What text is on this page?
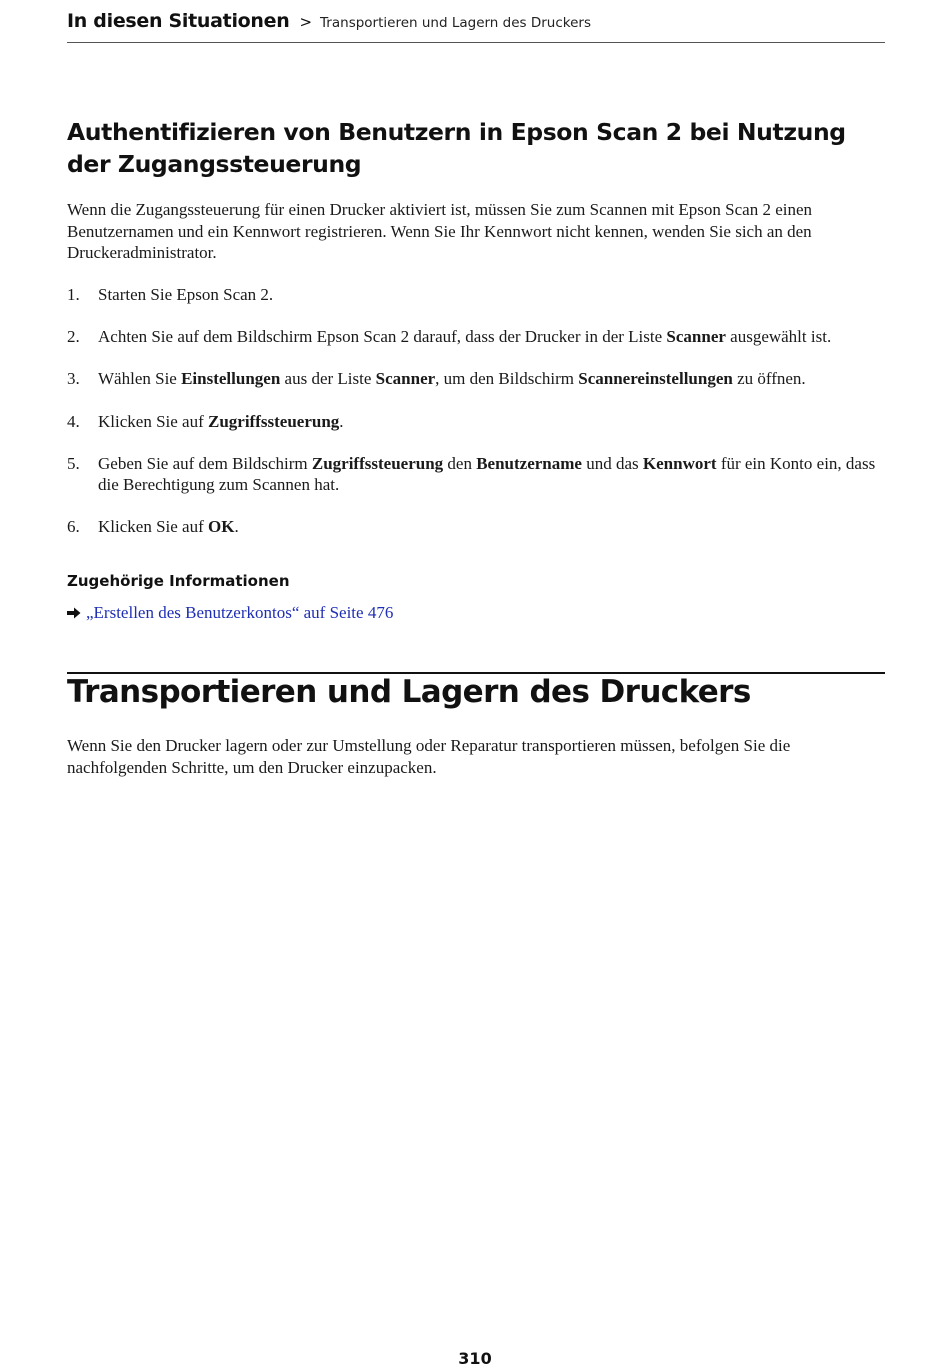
In diesen Situationen > Transportieren und Lagern des Druckers
Authentifizieren von Benutzern in Epson Scan 2 bei Nutzung der Zugangssteuerung

Wenn die Zugangssteuerung für einen Drucker aktiviert ist, müssen Sie zum Scannen mit Epson Scan 2 einen Benutzernamen und ein Kennwort registrieren. Wenn Sie Ihr Kennwort nicht kennen, wenden Sie sich an den Druckeradministrator.

1.	Starten Sie Epson Scan 2.
2.	Achten Sie auf dem Bildschirm Epson Scan 2 darauf, dass der Drucker in der Liste Scanner ausgewählt ist.
3.	Wählen Sie Einstellungen aus der Liste Scanner, um den Bildschirm Scannereinstellungen zu öffnen.
4.	Klicken Sie auf Zugriffssteuerung.
5.	Geben Sie auf dem Bildschirm Zugriffssteuerung den Benutzername und das Kennwort für ein Konto ein, dass die Berechtigung zum Scannen hat.
6.	Klicken Sie auf OK.
Zugehörige Informationen
„Erstellen des Benutzerkontos“ auf Seite 476
Transportieren und Lagern des Druckers

Wenn Sie den Drucker lagern oder zur Umstellung oder Reparatur transportieren müssen, befolgen Sie die nachfolgenden Schritte, um den Drucker einzupacken.

310
